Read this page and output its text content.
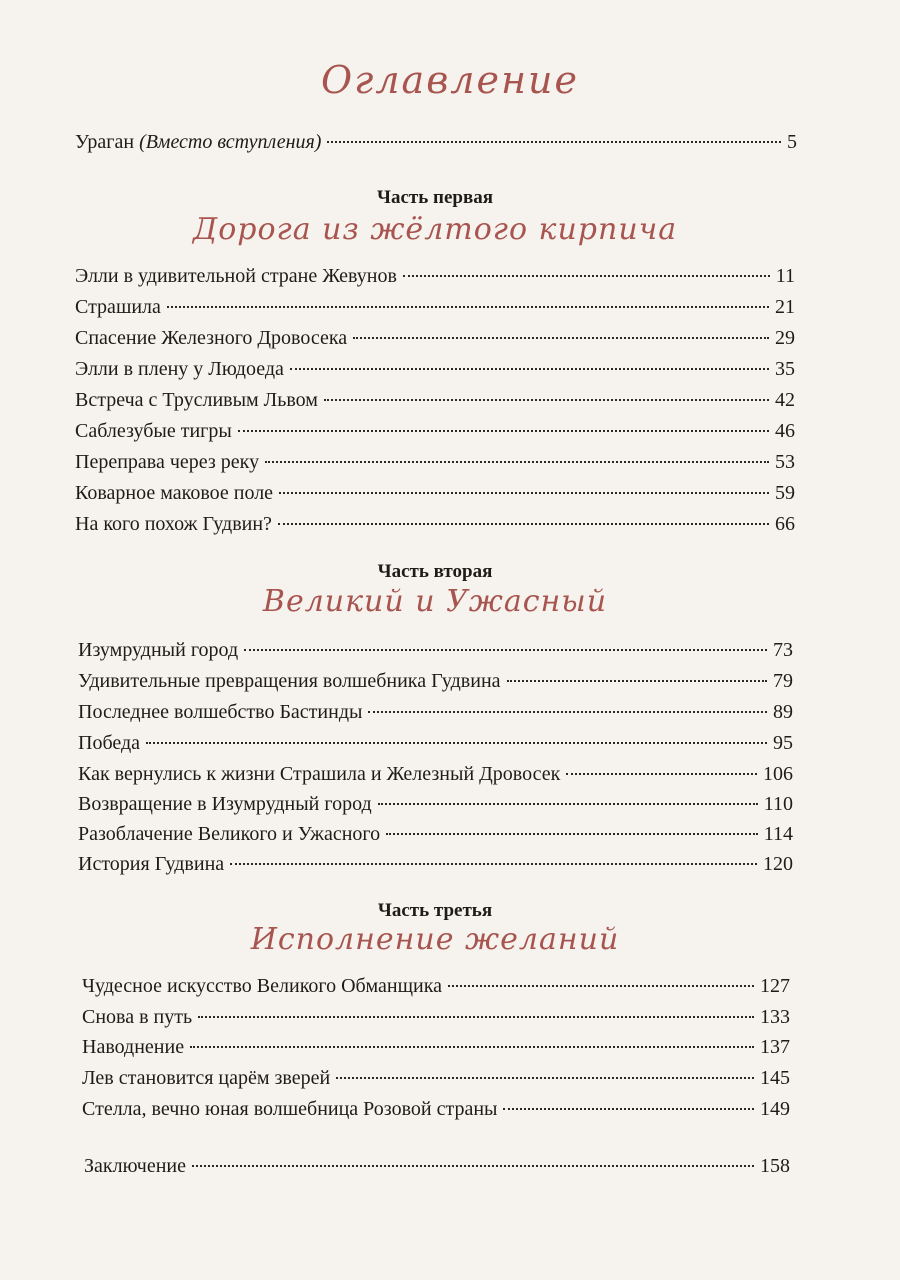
Оглавление
Ураган (Вместо вступления)	5
Часть первая
Дорога из жёлтого кирпича
Элли в удивительной стране Жевунов	11
Страшила	21
Спасение Железного Дровосека	29
Элли в плену у Людоеда	35
Встреча с Трусливым Львом	42
Саблезубые тигры	46
Переправа через реку	53
Коварное маковое поле	59
На кого похож Гудвин?	66
Часть вторая
Великий и Ужасный
Изумрудный город	73
Удивительные превращения волшебника Гудвина	79
Последнее волшебство Бастинды	89
Победа	95
Как вернулись к жизни Страшила и Железный Дровосек	106
Возвращение в Изумрудный город	110
Разоблачение Великого и Ужасного	114
История Гудвина	120
Часть третья
Исполнение желаний
Чудесное искусство Великого Обманщика	127
Снова в путь	133
Наводнение	137
Лев становится царём зверей	145
Стелла, вечно юная волшебница Розовой страны	149
Заключение	158
